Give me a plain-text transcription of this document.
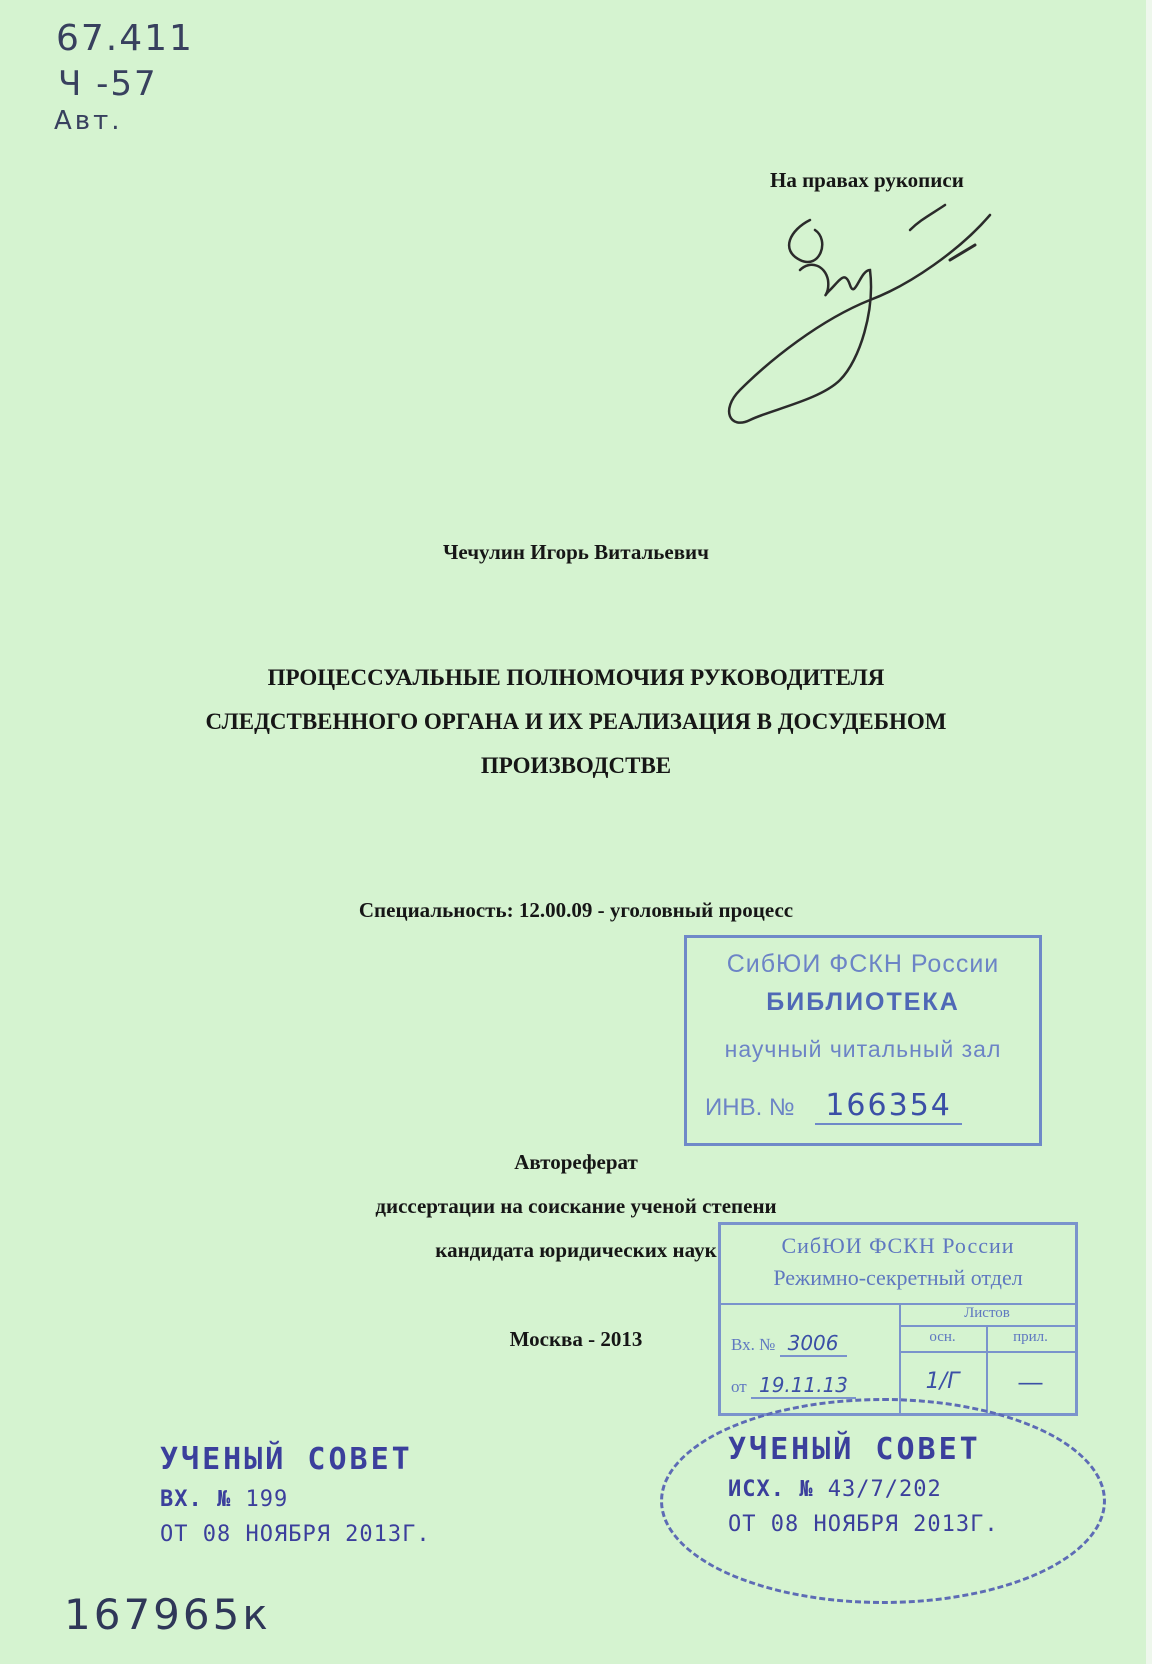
67.411
Ч -57
Авт.
На правах рукописи
Чечулин Игорь Витальевич
ПРОЦЕССУАЛЬНЫЕ ПОЛНОМОЧИЯ РУКОВОДИТЕЛЯ
СЛЕДСТВЕННОГО ОРГАНА И ИХ РЕАЛИЗАЦИЯ В ДОСУДЕБНОМ
ПРОИЗВОДСТВЕ
Специальность: 12.00.09 - уголовный процесс
СибЮИ ФСКН России
БИБЛИОТЕКА
научный читальный зал
ИНВ. № 166354
Автореферат
диссертации на соискание ученой степени
кандидата юридических наук
Москва - 2013
СибЮИ ФСКН России
Режимно-секретный отдел
Листов
осн.	прил.
Вх. № 3006
от 19.11.13	1/Г	—
УЧЕНЫЙ СОВЕТ
ВХ. № 199
ОТ 08 НОЯБРЯ 2013Г.
УЧЕНЫЙ СОВЕТ
ИСХ. № 43/7/202
ОТ 08 НОЯБРЯ 2013Г.
167965к
